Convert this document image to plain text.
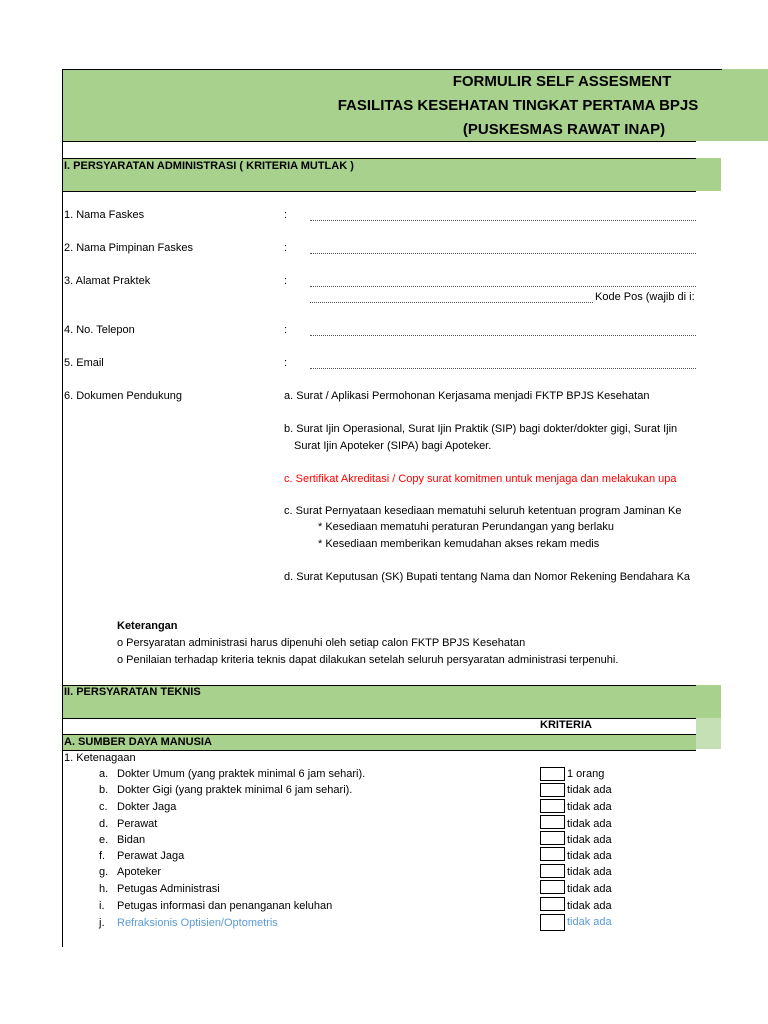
FORMULIR SELF ASSESMENT
FASILITAS KESEHATAN TINGKAT PERTAMA BPJS
(PUSKESMAS RAWAT INAP)
I. PERSYARATAN ADMINISTRASI ( KRITERIA MUTLAK )
1. Nama Faskes	:
2. Nama Pimpinan Faskes	:
3. Alamat Praktek	:
Kode Pos (wajib di i:
4. No. Telepon	:
5. Email	:
6. Dokumen Pendukung	a. Surat / Aplikasi Permohonan Kerjasama menjadi FKTP BPJS Kesehatan
b. Surat Ijin Operasional, Surat Ijin Praktik (SIP) bagi dokter/dokter gigi, Surat Ijin
Surat Ijin Apoteker (SIPA) bagi Apoteker.
c. Sertifikat Akreditasi / Copy surat komitmen untuk menjaga dan melakukan upa
c. Surat Pernyataan kesediaan mematuhi seluruh ketentuan program Jaminan Ke
* Kesediaan mematuhi peraturan Perundangan yang berlaku
* Kesediaan memberikan kemudahan akses rekam medis
d. Surat Keputusan (SK) Bupati tentang Nama dan Nomor Rekening Bendahara Ka
Keterangan
o Persyaratan administrasi harus dipenuhi oleh setiap calon FKTP BPJS Kesehatan
o Penilaian terhadap kriteria teknis dapat dilakukan setelah seluruh persyaratan administrasi terpenuhi.
II. PERSYARATAN TEKNIS
KRITERIA
A. SUMBER DAYA MANUSIA
1. Ketenagaan
a. Dokter Umum (yang praktek minimal 6 jam sehari).	1 orang
b. Dokter Gigi (yang praktek minimal 6 jam sehari).	tidak ada
c. Dokter Jaga	tidak ada
d. Perawat	tidak ada
e. Bidan	tidak ada
f. Perawat Jaga	tidak ada
g. Apoteker	tidak ada
h. Petugas Administrasi	tidak ada
i. Petugas informasi dan penanganan keluhan	tidak ada
j. Refraksionis Optisien/Optometris	tidak ada
